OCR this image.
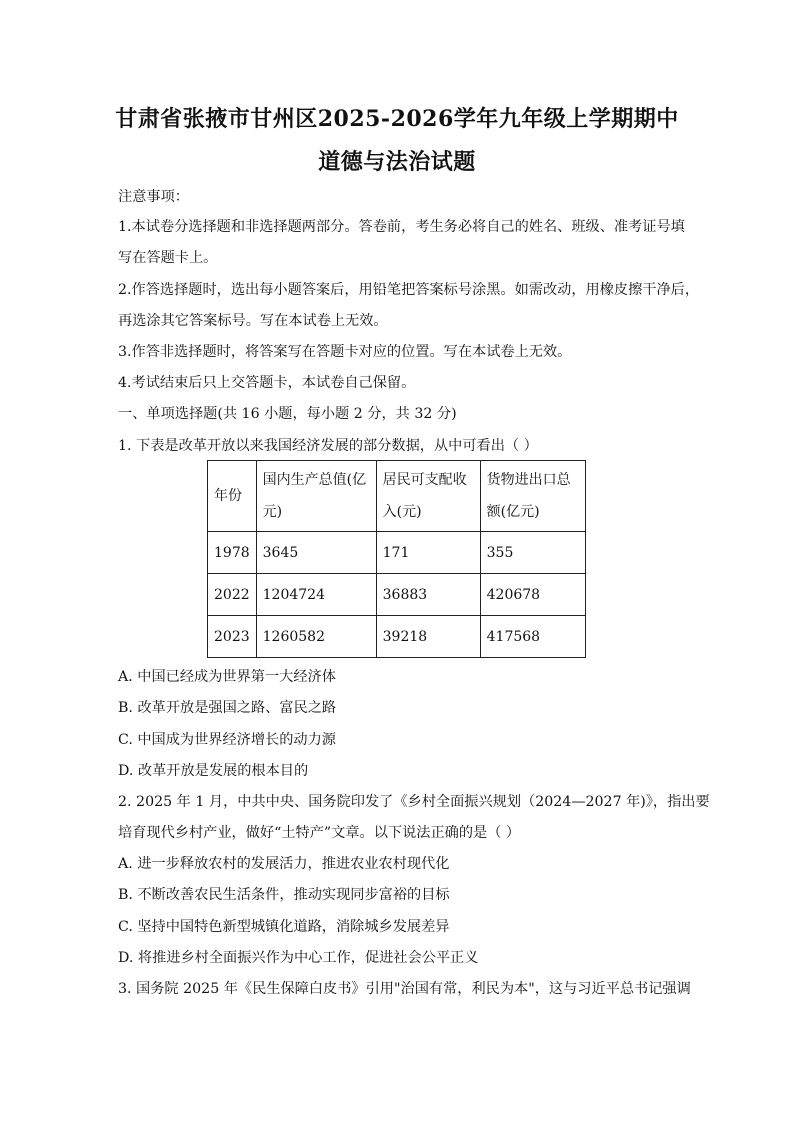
甘肃省张掖市甘州区2025-2026学年九年级上学期期中
道德与法治试题
注意事项：
1.本试卷分选择题和非选择题两部分。答卷前，考生务必将自己的姓名、班级、准考证号填
写在答题卡上。
2.作答选择题时，选出每小题答案后，用铅笔把答案标号涂黑。如需改动，用橡皮擦干净后，
再选涂其它答案标号。写在本试卷上无效。
3.作答非选择题时，将答案写在答题卡对应的位置。写在本试卷上无效。
4.考试结束后只上交答题卡，本试卷自己保留。
一、单项选择题(共 16 小题，每小题 2 分，共 32 分)
1. 下表是改革开放以来我国经济发展的部分数据，从中可看出（ ）
年份	国内生产总值(亿元)	居民可支配收入(元)	货物进出口总额(亿元)
1978	3645	171	355
2022	1204724	36883	420678
2023	1260582	39218	417568
A. 中国已经成为世界第一大经济体
B. 改革开放是强国之路、富民之路
C. 中国成为世界经济增长的动力源
D. 改革开放是发展的根本目的
2. 2025 年 1 月，中共中央、国务院印发了《乡村全面振兴规划（2024—2027 年)》，指出要
培育现代乡村产业，做好“土特产”文章。以下说法正确的是（ ）
A. 进一步释放农村的发展活力，推进农业农村现代化
B. 不断改善农民生活条件，推动实现同步富裕的目标
C. 坚持中国特色新型城镇化道路，消除城乡发展差异
D. 将推进乡村全面振兴作为中心工作，促进社会公平正义
3. 国务院 2025 年《民生保障白皮书》引用"治国有常，利民为本"，这与习近平总书记强调
